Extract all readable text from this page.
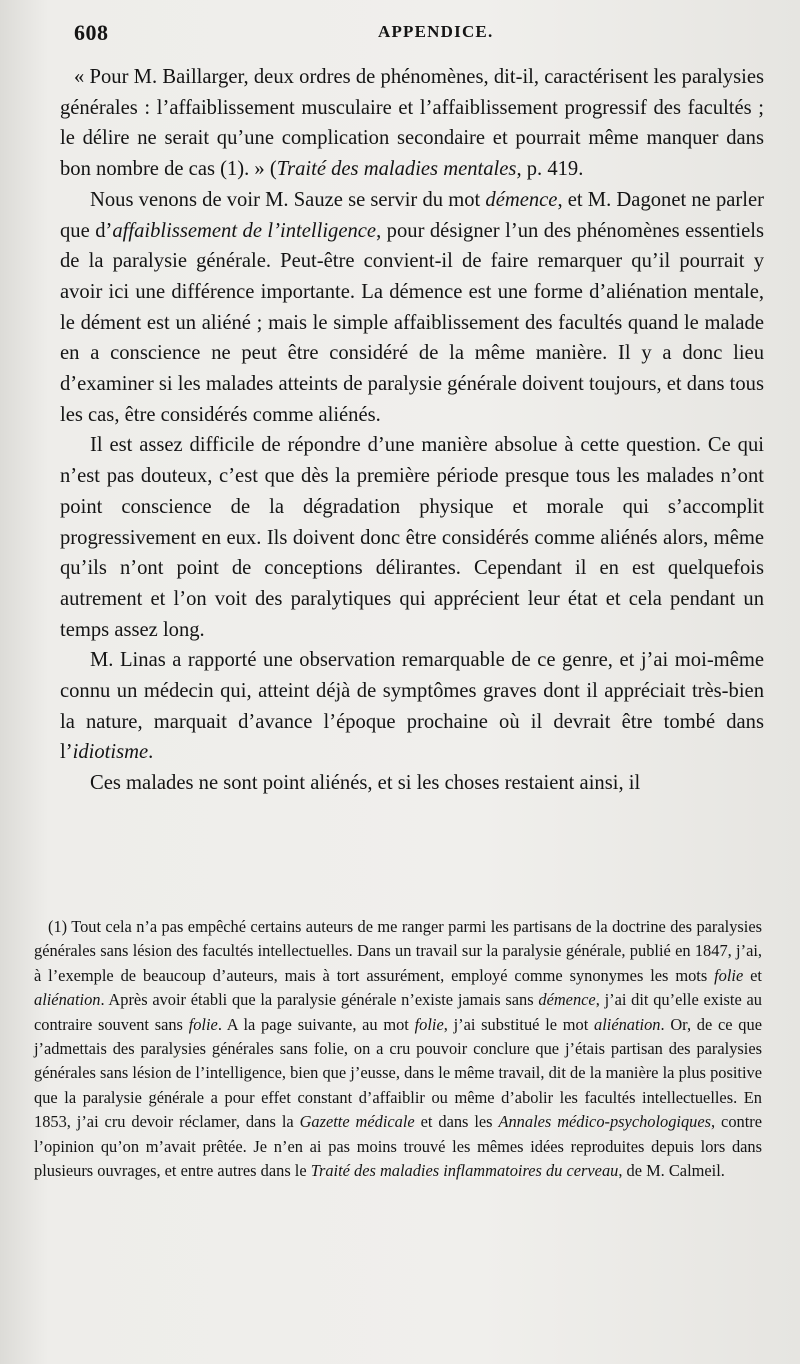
608	APPENDICE.

« Pour M. Baillarger, deux ordres de phénomènes, dit-il, caractérisent les paralysies générales : l’affaiblissement musculaire et l’affaiblissement progressif des facultés ; le délire ne serait qu’une complication secondaire et pourrait même manquer dans bon nombre de cas (1). » (Traité des maladies mentales, p. 419.

Nous venons de voir M. Sauze se servir du mot démence, et M. Dagonet ne parler que d’affaiblissement de l’intelligence, pour désigner l’un des phénomènes essentiels de la paralysie générale. Peut-être convient-il de faire remarquer qu’il pourrait y avoir ici une différence importante. La démence est une forme d’aliénation mentale, le dément est un aliéné ; mais le simple affaiblissement des facultés quand le malade en a conscience ne peut être considéré de la même manière. Il y a donc lieu d’examiner si les malades atteints de paralysie générale doivent toujours, et dans tous les cas, être considérés comme aliénés.

Il est assez difficile de répondre d’une manière absolue à cette question. Ce qui n’est pas douteux, c’est que dès la première période presque tous les malades n’ont point conscience de la dégradation physique et morale qui s’accomplit progressivement en eux. Ils doivent donc être considérés comme aliénés alors, même qu’ils n’ont point de conceptions délirantes. Cependant il en est quelquefois autrement et l’on voit des paralytiques qui apprécient leur état et cela pendant un temps assez long.

M. Linas a rapporté une observation remarquable de ce genre, et j’ai moi-même connu un médecin qui, atteint déjà de symptômes graves dont il appréciait très-bien la nature, marquait d’avance l’époque prochaine où il devrait être tombé dans l’idiotisme.

Ces malades ne sont point aliénés, et si les choses restaient ainsi, il

(1) Tout cela n’a pas empêché certains auteurs de me ranger parmi les partisans de la doctrine des paralysies générales sans lésion des facultés intellectuelles. Dans un travail sur la paralysie générale, publié en 1847, j’ai, à l’exemple de beaucoup d’auteurs, mais à tort assurément, employé comme synonymes les mots folie et aliénation. Après avoir établi que la paralysie générale n’existe jamais sans démence, j’ai dit qu’elle existe au contraire souvent sans folie. A la page suivante, au mot folie, j’ai substitué le mot aliénation. Or, de ce que j’admettais des paralysies générales sans folie, on a cru pouvoir conclure que j’étais partisan des paralysies générales sans lésion de l’intelligence, bien que j’eusse, dans le même travail, dit de la manière la plus positive que la paralysie générale a pour effet constant d’affaiblir ou même d’abolir les facultés intellectuelles. En 1853, j’ai cru devoir réclamer, dans la Gazette médicale et dans les Annales médico-psychologiques, contre l’opinion qu’on m’avait prêtée. Je n’en ai pas moins trouvé les mêmes idées reproduites depuis lors dans plusieurs ouvrages, et entre autres dans le Traité des maladies inflammatoires du cerveau, de M. Calmeil.
